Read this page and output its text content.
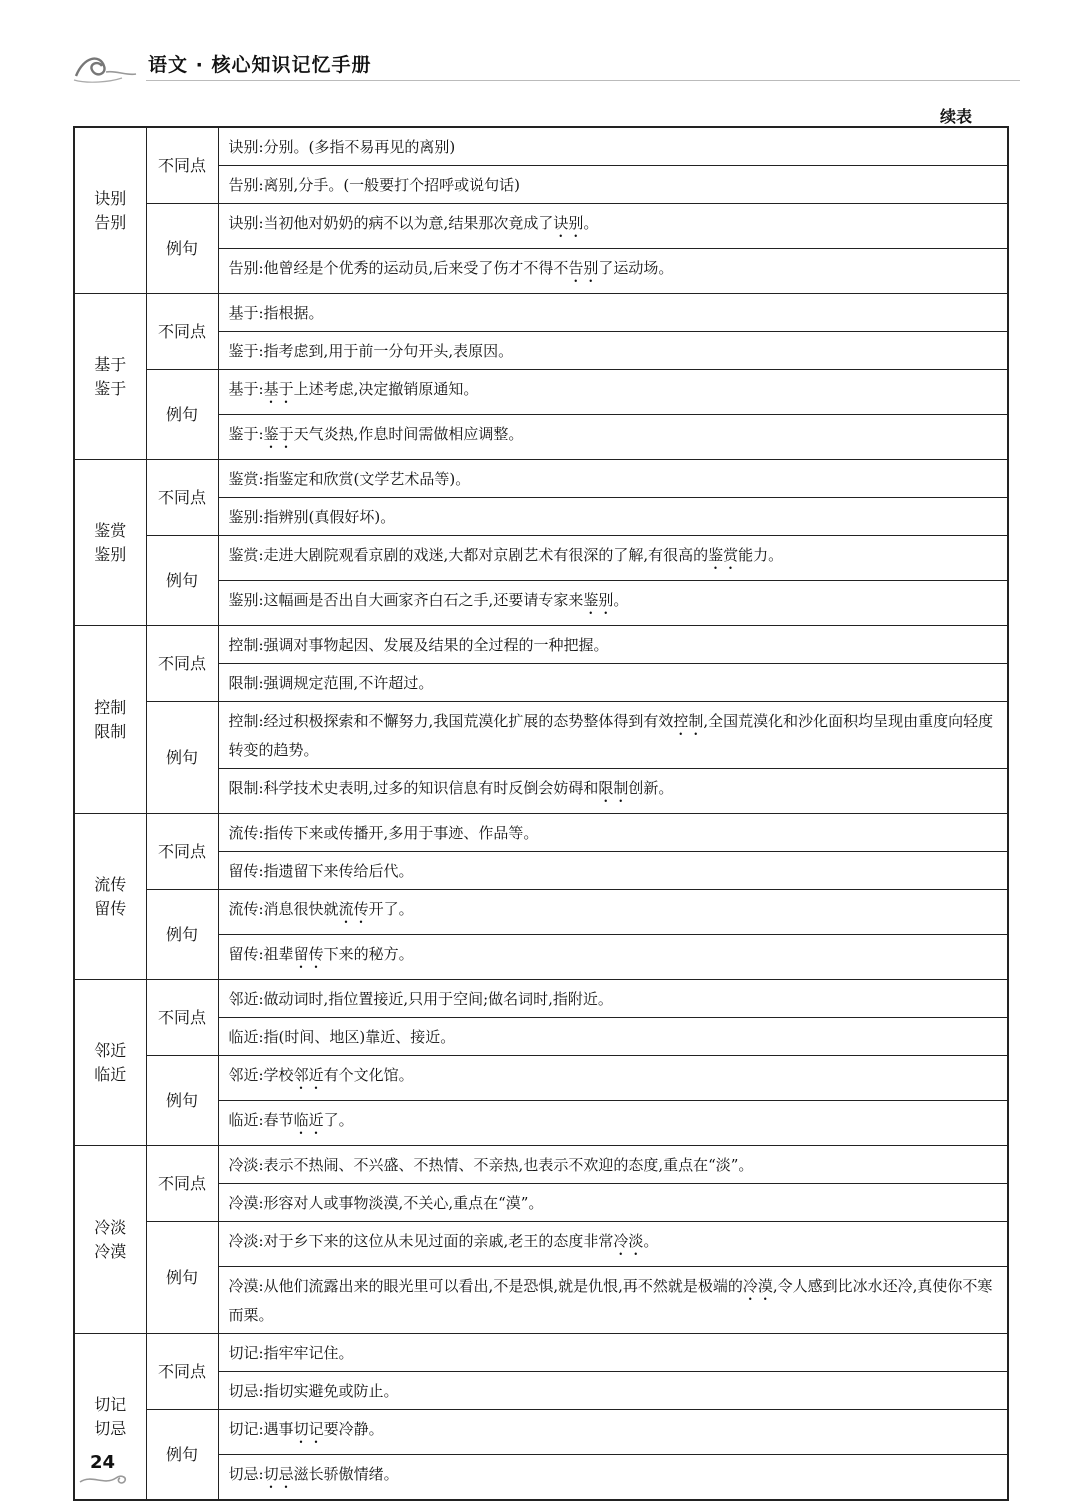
语文 · 核心知识记忆手册
续表
诀别
告别	不同点	诀别:分别。(多指不易再见的离别)
		告别:离别,分手。(一般要打个招呼或说句话)
	例句	诀别:当初他对奶奶的病不以为意,结果那次竟成了诀别。
		告别:他曾经是个优秀的运动员,后来受了伤才不得不告别了运动场。

基于
鉴于	不同点	基于:指根据。
		鉴于:指考虑到,用于前一分句开头,表原因。
	例句	基于:基于上述考虑,决定撤销原通知。
		鉴于:鉴于天气炎热,作息时间需做相应调整。

鉴赏
鉴别	不同点	鉴赏:指鉴定和欣赏(文学艺术品等)。
		鉴别:指辨别(真假好坏)。
	例句	鉴赏:走进大剧院观看京剧的戏迷,大都对京剧艺术有很深的了解,有很高的鉴赏能力。
		鉴别:这幅画是否出自大画家齐白石之手,还要请专家来鉴别。

控制
限制	不同点	控制:强调对事物起因、发展及结果的全过程的一种把握。
		限制:强调规定范围,不许超过。
	例句	控制:经过积极探索和不懈努力,我国荒漠化扩展的态势整体得到有效控制,全国荒漠化和沙化面积均呈现由重度向轻度转变的趋势。
		限制:科学技术史表明,过多的知识信息有时反倒会妨碍和限制创新。

流传
留传	不同点	流传:指传下来或传播开,多用于事迹、作品等。
		留传:指遗留下来传给后代。
	例句	流传:消息很快就流传开了。
		留传:祖辈留传下来的秘方。

邻近
临近	不同点	邻近:做动词时,指位置接近,只用于空间;做名词时,指附近。
		临近:指(时间、地区)靠近、接近。
	例句	邻近:学校邻近有个文化馆。
		临近:春节临近了。

冷淡
冷漠	不同点	冷淡:表示不热闹、不兴盛、不热情、不亲热,也表示不欢迎的态度,重点在“淡”。
		冷漠:形容对人或事物淡漠,不关心,重点在“漠”。
	例句	冷淡:对于乡下来的这位从未见过面的亲戚,老王的态度非常冷淡。
		冷漠:从他们流露出来的眼光里可以看出,不是恐惧,就是仇恨,再不然就是极端的冷漠,令人感到比冰水还冷,真使你不寒而栗。

切记
切忌	不同点	切记:指牢牢记住。
		切忌:指切实避免或防止。
	例句	切记:遇事切记要冷静。
		切忌:切忌滋长骄傲情绪。
24
